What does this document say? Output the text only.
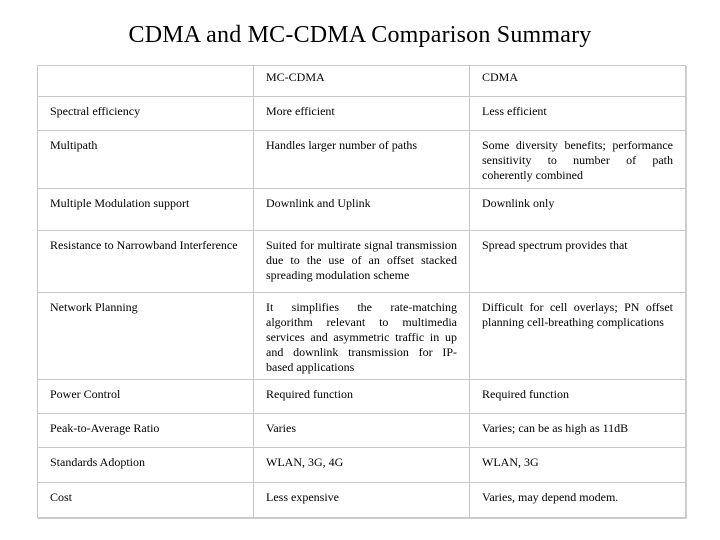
CDMA and MC-CDMA Comparison Summary
	MC-CDMA	CDMA
Spectral efficiency	More efficient	Less efficient
Multipath	Handles larger number of paths	Some diversity benefits; performance sensitivity to number of path coherently combined
Multiple Modulation support	Downlink and Uplink	Downlink only
Resistance to Narrowband Interference	Suited for multirate signal transmission due to the use of an offset stacked spreading modulation scheme	Spread spectrum provides that
Network Planning	It simplifies the rate-matching algorithm relevant to multimedia services and asymmetric traffic in up and downlink transmission for IP-based applications	Difficult for cell overlays; PN offset planning cell-breathing complications
Power Control	Required function	Required function
Peak-to-Average Ratio	Varies	Varies; can be as high as 11dB
Standards Adoption	WLAN, 3G, 4G	WLAN, 3G
Cost	Less expensive	Varies, may depend modem.
